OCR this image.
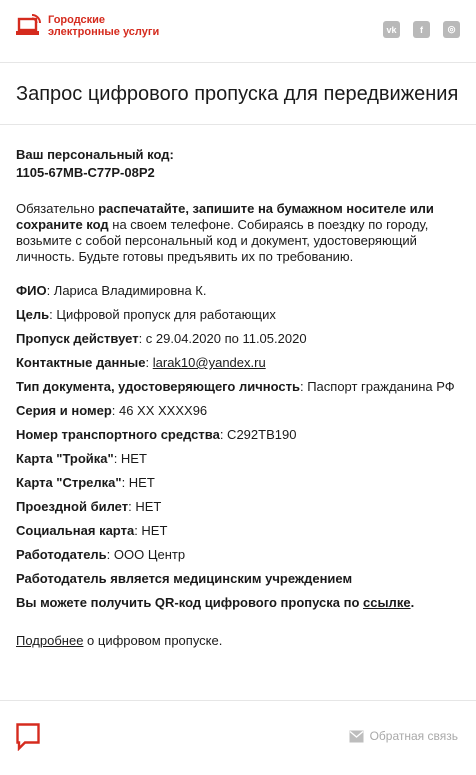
Городские
электронные услуги	vk	f	◎
Запрос цифрового пропуска для передвижения
Ваш персональный код:
1105-67MB-C77P-08P2
Обязательно распечатайте, запишите на бумажном носителе или сохраните код на своем телефоне. Собираясь в поездку по городу, возьмите с собой персональный код и документ, удостоверяющий личность. Будьте готовы предъявить их по требованию.
ФИО: Лариса Владимировна К.
Цель: Цифровой пропуск для работающих
Пропуск действует: с 29.04.2020 по 11.05.2020
Контактные данные: larak10@yandex.ru
Тип документа, удостоверяющего личность: Паспорт гражданина РФ
Серия и номер: 46 XX XXXX96
Номер транспортного средства: С292ТВ190
Карта "Тройка": НЕТ
Карта "Стрелка": НЕТ
Проездной билет: НЕТ
Социальная карта: НЕТ
Работодатель: ООО Центр
Работодатель является медицинским учреждением
Вы можете получить QR-код цифрового пропуска по ссылке.
Подробнее о цифровом пропуске.
Обратная связь
